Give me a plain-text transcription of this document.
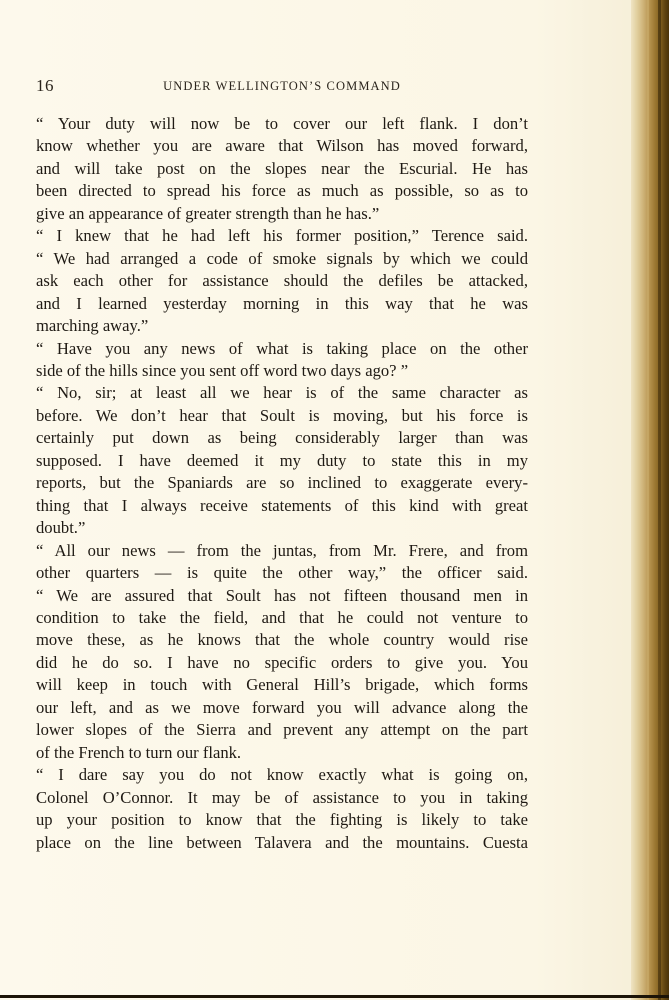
16	UNDER WELLINGTON’S COMMAND
“ Your duty will now be to cover our left flank. I don’t
know whether you are aware that Wilson has moved forward,
and will take post on the slopes near the Escurial. He has
been directed to spread his force as much as possible, so as to
give an appearance of greater strength than he has.”
“ I knew that he had left his former position,” Terence said.
“ We had arranged a code of smoke signals by which we could
ask each other for assistance should the defiles be attacked,
and I learned yesterday morning in this way that he was
marching away.”
“ Have you any news of what is taking place on the other
side of the hills since you sent off word two days ago? ”
“ No, sir; at least all we hear is of the same character as
before. We don’t hear that Soult is moving, but his force is
certainly put down as being considerably larger than was
supposed. I have deemed it my duty to state this in my
reports, but the Spaniards are so inclined to exaggerate every-
thing that I always receive statements of this kind with great
doubt.”
“ All our news — from the juntas, from Mr. Frere, and from
other quarters — is quite the other way,” the officer said.
“ We are assured that Soult has not fifteen thousand men in
condition to take the field, and that he could not venture to
move these, as he knows that the whole country would rise
did he do so. I have no specific orders to give you. You
will keep in touch with General Hill’s brigade, which forms
our left, and as we move forward you will advance along the
lower slopes of the Sierra and prevent any attempt on the part
of the French to turn our flank.
“ I dare say you do not know exactly what is going on,
Colonel O’Connor. It may be of assistance to you in taking
up your position to know that the fighting is likely to take
place on the line between Talavera and the mountains. Cuesta
